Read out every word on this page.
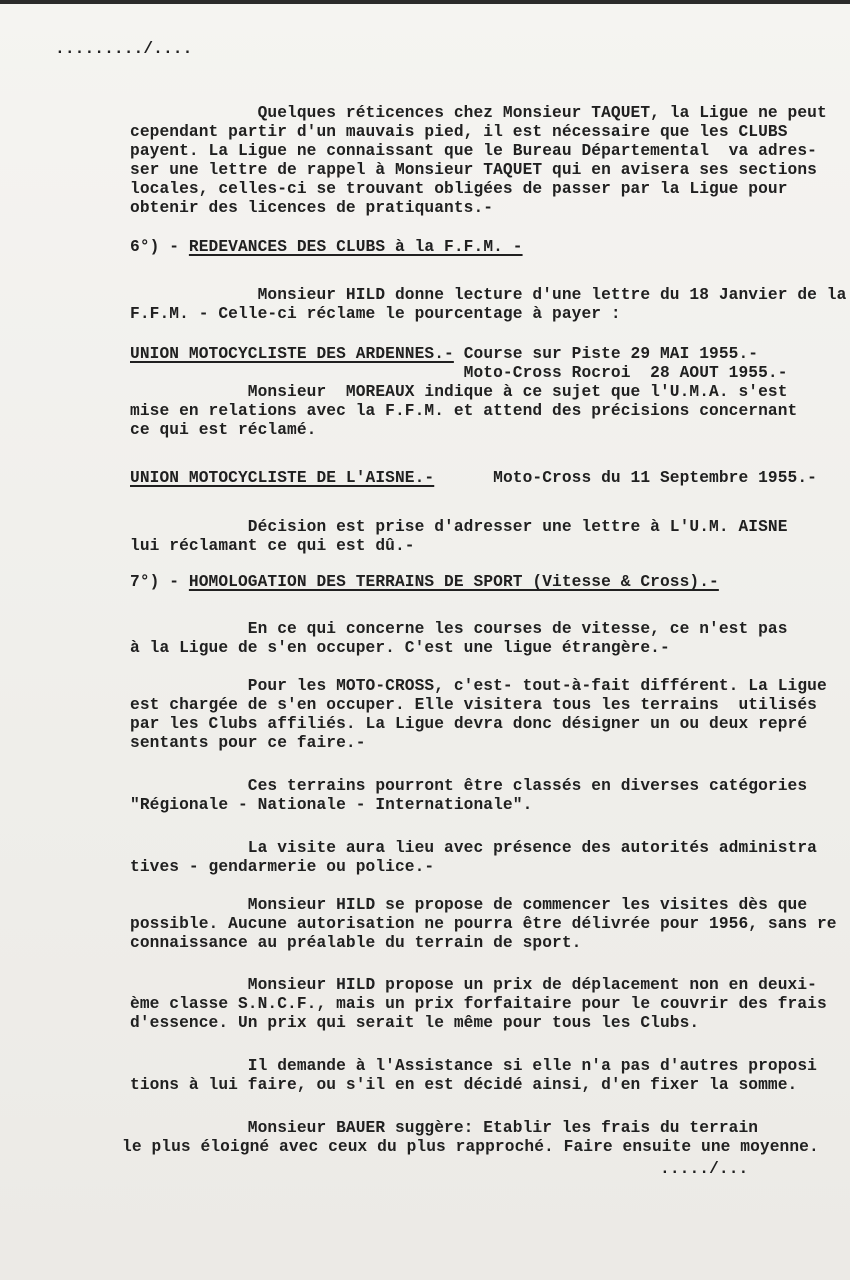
........./....

Quelques réticences chez Monsieur TAQUET, la Ligue ne peut

cependant partir d'un mauvais pied, il est nécessaire que les CLUBS

payent. La Ligue ne connaissant que le Bureau Départemental  va adres-

ser une lettre de rappel à Monsieur TAQUET qui en avisera ses sections

locales, celles-ci se trouvant obligées de passer par la Ligue pour

obtenir des licences de pratiquants.-

6°) - REDEVANCES DES CLUBS à la F.F.M. -

Monsieur HILD donne lecture d'une lettre du 18 Janvier de la

F.F.M. - Celle-ci réclame le pourcentage à payer :

UNION MOTOCYCLISTE DES ARDENNES.- Course sur Piste 29 MAI 1955.-

Moto-Cross Rocroi  28 AOUT 1955.-

Monsieur  MOREAUX indique à ce sujet que l'U.M.A. s'est

mise en relations avec la F.F.M. et attend des précisions concernant

ce qui est réclamé.

UNION MOTOCYCLISTE DE L'AISNE.-      Moto-Cross du 11 Septembre 1955.-

Décision est prise d'adresser une lettre à L'U.M. AISNE

lui réclamant ce qui est dû.-

7°) - HOMOLOGATION DES TERRAINS DE SPORT (Vitesse & Cross).-

En ce qui concerne les courses de vitesse, ce n'est pas

à la Ligue de s'en occuper. C'est une ligue étrangère.-

Pour les MOTO-CROSS, c'est- tout-à-fait différent. La Ligue

est chargée de s'en occuper. Elle visitera tous les terrains  utilisés

par les Clubs affiliés. La Ligue devra donc désigner un ou deux repré

sentants pour ce faire.-

Ces terrains pourront être classés en diverses catégories

"Régionale - Nationale - Internationale".

La visite aura lieu avec présence des autorités administra

tives - gendarmerie ou police.-

Monsieur HILD se propose de commencer les visites dès que

possible. Aucune autorisation ne pourra être délivrée pour 1956, sans re

connaissance au préalable du terrain de sport.

Monsieur HILD propose un prix de déplacement non en deuxi-

ème classe S.N.C.F., mais un prix forfaitaire pour le couvrir des frais

d'essence. Un prix qui serait le même pour tous les Clubs.

Il demande à l'Assistance si elle n'a pas d'autres proposi

tions à lui faire, ou s'il en est décidé ainsi, d'en fixer la somme.

Monsieur BAUER suggère: Etablir les frais du terrain

le plus éloigné avec ceux du plus rapproché. Faire ensuite une moyenne.

...../...
